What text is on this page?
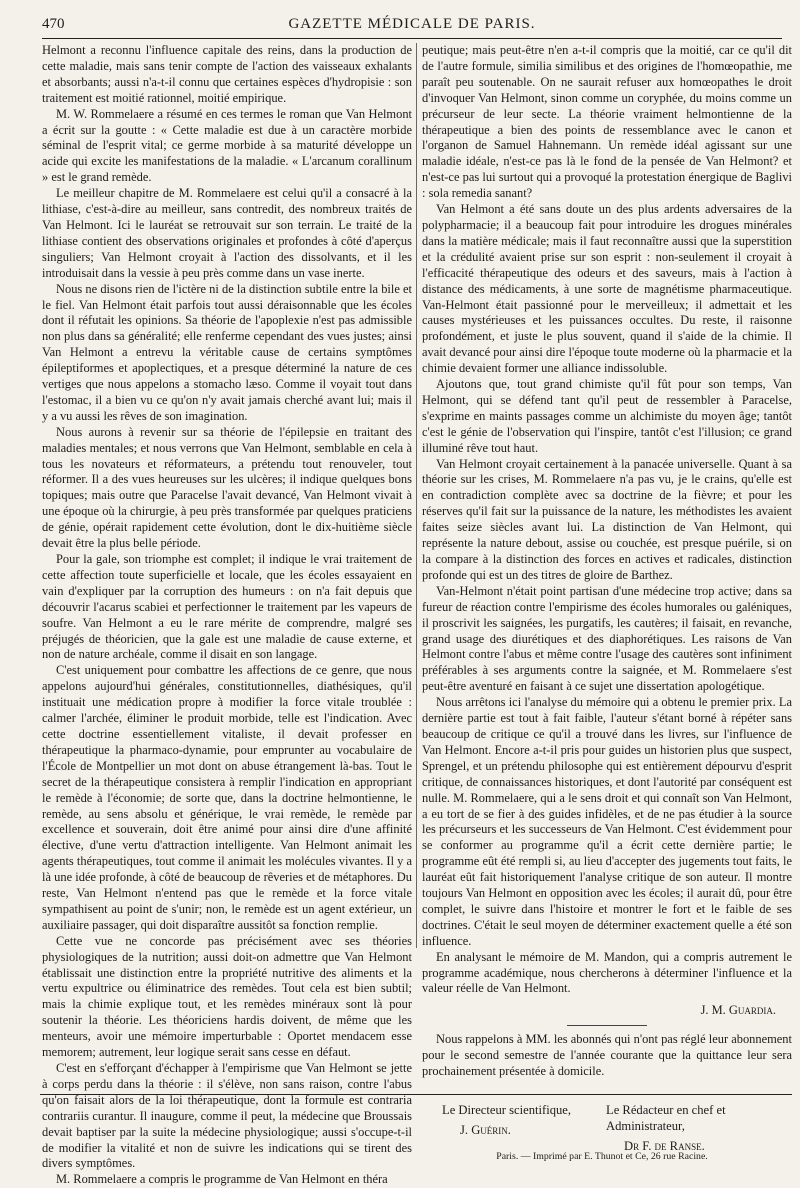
470	GAZETTE MÉDICALE DE PARIS.

Helmont a reconnu l'influence capitale des reins, dans la production de cette maladie, mais sans tenir compte de l'action des vaisseaux exhalants et absorbants; aussi n'a-t-il connu que certaines espèces d'hydropisie : son traitement est moitié rationnel, moitié empirique.

M. W. Rommelaere a résumé en ces termes le roman que Van Helmont a écrit sur la goutte : « Cette maladie est due à un caractère morbide séminal de l'esprit vital; ce germe morbide à sa maturité développe un acide qui excite les manifestations de la maladie. « L'arcanum corallinum » est le grand remède.

Le meilleur chapitre de M. Rommelaere est celui qu'il a consacré à la lithiase, c'est-à-dire au meilleur, sans contredit, des nombreux traités de Van Helmont. Ici le lauréat se retrouvait sur son terrain. Le traité de la lithiase contient des observations originales et profondes à côté d'aperçus singuliers; Van Helmont croyait à l'action des dissolvants, et il les introduisait dans la vessie à peu près comme dans un vase inerte.

Nous ne disons rien de l'ictère ni de la distinction subtile entre la bile et le fiel. Van Helmont était parfois tout aussi déraisonnable que les écoles dont il réfutait les opinions. Sa théorie de l'apoplexie n'est pas admissible non plus dans sa généralité; elle renferme cependant des vues justes; ainsi Van Helmont a entrevu la véritable cause de certains symptômes épileptiformes et apoplectiques, et a presque déterminé la nature de ces vertiges que nous appelons a stomacho læso. Comme il voyait tout dans l'estomac, il a bien vu ce qu'on n'y avait jamais cherché avant lui; mais il y a vu aussi les rêves de son imagination.

Nous aurons à revenir sur sa théorie de l'épilepsie en traitant des maladies mentales; et nous verrons que Van Helmont, semblable en cela à tous les novateurs et réformateurs, a prétendu tout renouveler, tout réformer. Il a des vues heureuses sur les ulcères; il indique quelques bons topiques; mais outre que Paracelse l'avait devancé, Van Helmont vivait à une époque où la chirurgie, à peu près transformée par quelques praticiens de génie, opérait rapidement cette évolution, dont le dix-huitième siècle devait être la plus belle période.

Pour la gale, son triomphe est complet; il indique le vrai traitement de cette affection toute superficielle et locale, que les écoles essayaient en vain d'expliquer par la corruption des humeurs : on n'a fait depuis que découvrir l'acarus scabiei et perfectionner le traitement par les vapeurs de soufre. Van Helmont a eu le rare mérite de comprendre, malgré ses préjugés de théoricien, que la gale est une maladie de cause externe, et non de nature archéale, comme il disait en son langage.

C'est uniquement pour combattre les affections de ce genre, que nous appelons aujourd'hui générales, constitutionnelles, diathésiques, qu'il instituait une médication propre à modifier la force vitale troublée : calmer l'archée, éliminer le produit morbide, telle est l'indication. Avec cette doctrine essentiellement vitaliste, il devait professer en thérapeutique la pharmaco-dynamie, pour emprunter au vocabulaire de l'École de Montpellier un mot dont on abuse étrangement là-bas. Tout le secret de la thérapeutique consistera à remplir l'indication en appropriant le remède à l'économie; de sorte que, dans la doctrine helmontienne, le remède, au sens absolu et générique, le vrai remède, le remède par excellence et souverain, doit être animé pour ainsi dire d'une affinité élective, d'une vertu d'attraction intelligente. Van Helmont animait les agents thérapeutiques, tout comme il animait les molécules vivantes. Il y a là une idée profonde, à côté de beaucoup de rêveries et de métaphores. Du reste, Van Helmont n'entend pas que le remède et la force vitale sympathisent au point de s'unir; non, le remède est un agent extérieur, un auxiliaire passager, qui doit disparaître aussitôt sa fonction remplie.

Cette vue ne concorde pas précisément avec ses théories physiologiques de la nutrition; aussi doit-on admettre que Van Helmont établissait une distinction entre la propriété nutritive des aliments et la vertu expultrice ou éliminatrice des remèdes. Tout cela est bien subtil; mais la chimie explique tout, et les remèdes minéraux sont là pour soutenir la théorie. Les théoriciens hardis doivent, de même que les menteurs, avoir une mémoire imperturbable : Oportet mendacem esse memorem; autrement, leur logique serait sans cesse en défaut.

C'est en s'efforçant d'échapper à l'empirisme que Van Helmont se jette à corps perdu dans la théorie : il s'élève, non sans raison, contre l'abus qu'on faisait alors de la loi thérapeutique, dont la formule est contraria contrariis curantur. Il inaugure, comme il peut, la médecine que Broussais devait baptiser par la suite la médecine physiologique; aussi s'occupe-t-il de modifier la vitalité et non de suivre les indications qui se tirent des divers symptômes.

M. Rommelaere a compris le programme de Van Helmont en théra

peutique; mais peut-être n'en a-t-il compris que la moitié, car ce qu'il dit de l'autre formule, similia similibus et des origines de l'homœopathie, me paraît peu soutenable. On ne saurait refuser aux homœopathes le droit d'invoquer Van Helmont, sinon comme un coryphée, du moins comme un précurseur de leur secte. La théorie vraiment helmontienne de la thérapeutique a bien des points de ressemblance avec le canon et l'organon de Samuel Hahnemann. Un remède idéal agissant sur une maladie idéale, n'est-ce pas là le fond de la pensée de Van Helmont? et n'est-ce pas lui surtout qui a provoqué la protestation énergique de Baglivi : sola remedia sanant?

Van Helmont a été sans doute un des plus ardents adversaires de la polypharmacie; il a beaucoup fait pour introduire les drogues minérales dans la matière médicale; mais il faut reconnaître aussi que la superstition et la crédulité avaient prise sur son esprit : non-seulement il croyait à l'efficacité thérapeutique des odeurs et des saveurs, mais à l'action à distance des médicaments, à une sorte de magnétisme pharmaceutique. Van-Helmont était passionné pour le merveilleux; il admettait et les causes mystérieuses et les puissances occultes. Du reste, il raisonne profondément, et juste le plus souvent, quand il s'aide de la chimie. Il avait devancé pour ainsi dire l'époque toute moderne où la pharmacie et la chimie devaient former une alliance indissoluble.

Ajoutons que, tout grand chimiste qu'il fût pour son temps, Van Helmont, qui se défend tant qu'il peut de ressembler à Paracelse, s'exprime en maints passages comme un alchimiste du moyen âge; tantôt c'est le génie de l'observation qui l'inspire, tantôt c'est l'illusion; ce grand illuminé rêve tout haut.

Van Helmont croyait certainement à la panacée universelle. Quant à sa théorie sur les crises, M. Rommelaere n'a pas vu, je le crains, qu'elle est en contradiction complète avec sa doctrine de la fièvre; et pour les réserves qu'il fait sur la puissance de la nature, les méthodistes les avaient faites seize siècles avant lui. La distinction de Van Helmont, qui représente la nature debout, assise ou couchée, est presque puérile, si on la compare à la distinction des forces en actives et radicales, distinction profonde qui est un des titres de gloire de Barthez.

Van-Helmont n'était point partisan d'une médecine trop active; dans sa fureur de réaction contre l'empirisme des écoles humorales ou galéniques, il proscrivit les saignées, les purgatifs, les cautères; il faisait, en revanche, grand usage des diurétiques et des diaphorétiques. Les raisons de Van Helmont contre l'abus et même contre l'usage des cautères sont infiniment préférables à ses arguments contre la saignée, et M. Rommelaere s'est peut-être aventuré en faisant à ce sujet une dissertation apologétique.

Nous arrêtons ici l'analyse du mémoire qui a obtenu le premier prix. La dernière partie est tout à fait faible, l'auteur s'étant borné à répéter sans beaucoup de critique ce qu'il a trouvé dans les livres, sur l'influence de Van Helmont. Encore a-t-il pris pour guides un historien plus que suspect, Sprengel, et un prétendu philosophe qui est entièrement dépourvu d'esprit critique, de connaissances historiques, et dont l'autorité par conséquent est nulle. M. Rommelaere, qui a le sens droit et qui connaît son Van Helmont, a eu tort de se fier à des guides infidèles, et de ne pas étudier à la source les précurseurs et les successeurs de Van Helmont. C'est évidemment pour se conformer au programme qu'il a écrit cette dernière partie; le programme eût été rempli si, au lieu d'accepter des jugements tout faits, le lauréat eût fait historiquement l'analyse critique de son auteur. Il montre toujours Van Helmont en opposition avec les écoles; il aurait dû, pour être complet, le suivre dans l'histoire et montrer le fort et le faible de ses doctrines. C'était le seul moyen de déterminer exactement quelle a été son influence.

En analysant le mémoire de M. Mandon, qui a compris autrement le programme académique, nous chercherons à déterminer l'influence et la valeur réelle de Van Helmont.

J. M. Guardia.

Nous rappelons à MM. les abonnés qui n'ont pas réglé leur abonnement pour le second semestre de l'année courante que la quittance leur sera prochainement présentée à domicile.

Le Directeur scientifique,
J. Guérin.
Le Rédacteur en chef et Administrateur,
Dr F. de Ranse.
Paris. — Imprimé par E. Thunot et Ce, 26 rue Racine.
